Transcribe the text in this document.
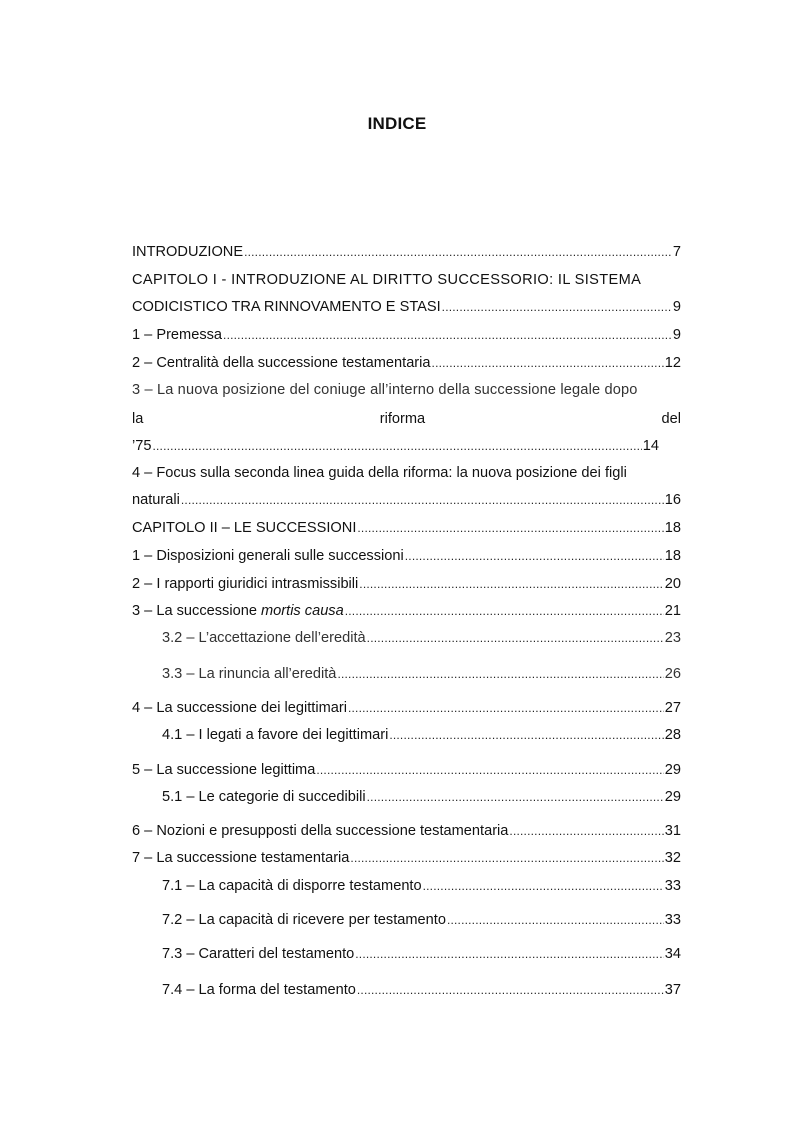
INDICE
INTRODUZIONE .....	7
CAPITOLO I - INTRODUZIONE AL DIRITTO SUCCESSORIO: IL SISTEMA
CODICISTICO TRA RINNOVAMENTO E STASI .....	9
1 – Premessa .....	9
2 – Centralità della successione testamentaria .....	12
3 – La nuova posizione del coniuge all’interno della successione legale dopo
la	riforma	del
’75 .....	14
4 – Focus sulla seconda linea guida della riforma: la nuova posizione dei figli
naturali .....	16
CAPITOLO II – LE SUCCESSIONI .....	18
1 – Disposizioni generali sulle successioni .....	18
2 – I rapporti giuridici intrasmissibili .....	20
3 – La successione mortis causa .....	21
3.2 – L’accettazione dell’eredità .....	23
3.3 – La rinuncia all’eredità .....	26
4 – La successione dei legittimari .....	27
4.1 – I legati a favore dei legittimari .....	28
5 – La successione legittima .....	29
5.1 – Le categorie di succedibili .....	29
6 – Nozioni e presupposti della successione testamentaria .....	31
7 – La successione testamentaria .....	32
7.1 – La capacità di disporre testamento .....	33
7.2 – La capacità di ricevere per testamento .....	33
7.3 – Caratteri del testamento .....	34
7.4 – La forma del testamento .....	37
